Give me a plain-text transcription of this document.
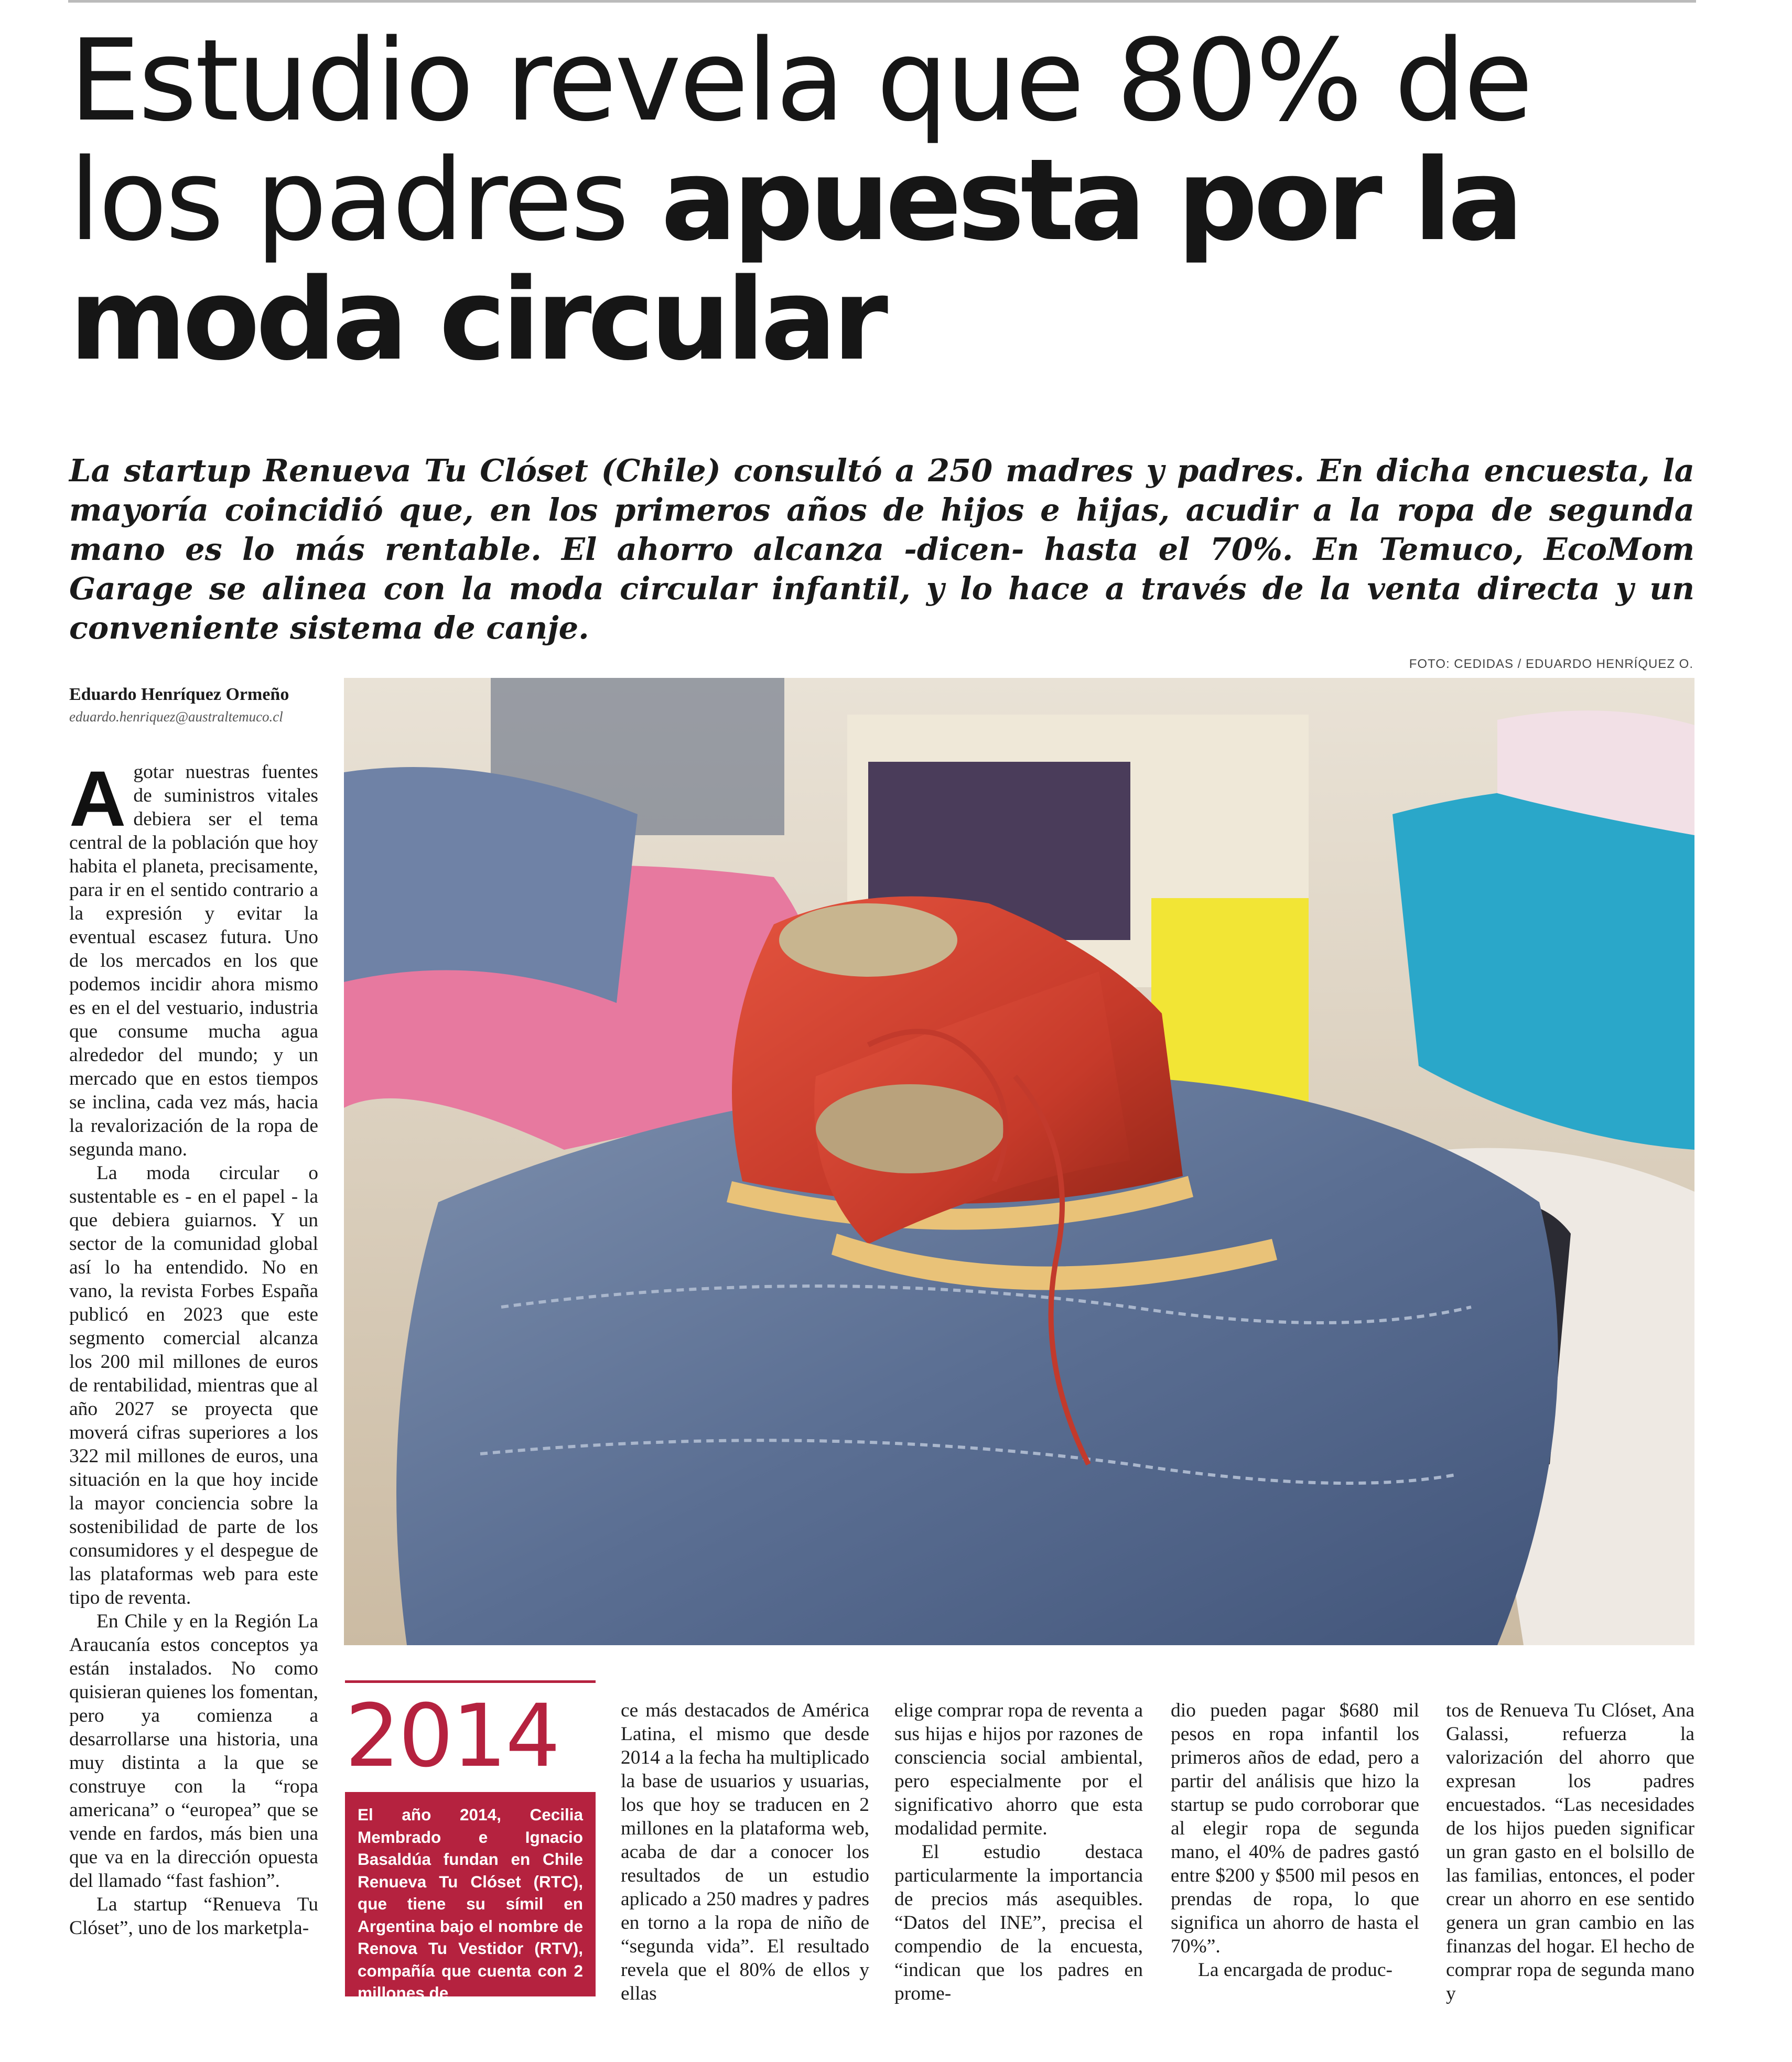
Estudio revela que 80% de
los padres apuesta por la
moda circular

La startup Renueva Tu Clóset (Chile) consultó a 250 madres y padres. En dicha encuesta, la mayoría coincidió que, en los primeros años de hijos e hijas, acudir a la ropa de segunda mano es lo más rentable. El ahorro alcanza -dicen- hasta el 70%. En Temuco, EcoMom Garage se alinea con la moda circular infantil, y lo hace a través de la venta directa y un conveniente sistema de canje.

FOTO: CEDIDAS / EDUARDO HENRÍQUEZ O.
Eduardo Henríquez Ormeño
eduardo.henriquez@australtemuco.cl

Agotar nuestras fuentes de suministros vitales debiera ser el tema central de la población que hoy habita el planeta, precisamente, para ir en el sentido contrario a la expresión y evitar la eventual escasez futura. Uno de los mercados en los que podemos incidir ahora mismo es en el del vestuario, industria que consume mucha agua alrededor del mundo; y un mercado que en estos tiempos se inclina, cada vez más, hacia la revalorización de la ropa de segunda mano.

La moda circular o sustentable es - en el papel - la que debiera guiarnos. Y un sector de la comunidad global así lo ha entendido. No en vano, la revista Forbes España publicó en 2023 que este segmento comercial alcanza los 200 mil millones de euros de rentabilidad, mientras que al año 2027 se proyecta que moverá cifras superiores a los 322 mil millones de euros, una situación en la que hoy incide la mayor conciencia sobre la sostenibilidad de parte de los consumidores y el despegue de las plataformas web para este tipo de reventa.

En Chile y en la Región La Araucanía estos conceptos ya están instalados. No como quisieran quienes los fomentan, pero ya comienza a desarrollarse una historia, una muy distinta a la que se construye con la “ropa americana” o “europea” que se vende en fardos, más bien una que va en la dirección opuesta del llamado “fast fashion”.

La startup “Renueva Tu Clóset”, uno de los marketpla-

2014
El año 2014, Cecilia Membrado e Ignacio Basaldúa fundan en Chile Renueva Tu Clóset (RTC), que tiene su símil en Argentina bajo el nombre de Renova Tu Vestidor (RTV), compañía que cuenta con 2 millones de

ce más destacados de América Latina, el mismo que desde 2014 a la fecha ha multiplicado la base de usuarios y usuarias, los que hoy se traducen en 2 millones en la plataforma web, acaba de dar a conocer los resultados de un estudio aplicado a 250 madres y padres en torno a la ropa de niño de “segunda vida”. El resultado revela que el 80% de ellos y ellas

elige comprar ropa de reventa a sus hijas e hijos por razones de consciencia social ambiental, pero especialmente por el significativo ahorro que esta modalidad permite.

El estudio destaca particularmente la importancia de precios más asequibles. “Datos del INE”, precisa el compendio de la encuesta, “indican que los padres en prome-

dio pueden pagar $680 mil pesos en ropa infantil los primeros años de edad, pero a partir del análisis que hizo la startup se pudo corroborar que al elegir ropa de segunda mano, el 40% de padres gastó entre $200 y $500 mil pesos en prendas de ropa, lo que significa un ahorro de hasta el 70%”.

La encargada de produc-

tos de Renueva Tu Clóset, Ana Galassi, refuerza la valorización del ahorro que expresan los padres encuestados. “Las necesidades de los hijos pueden significar un gran gasto en el bolsillo de las familias, entonces, el poder crear un ahorro en ese sentido genera un gran cambio en las finanzas del hogar. El hecho de comprar ropa de segunda mano y
